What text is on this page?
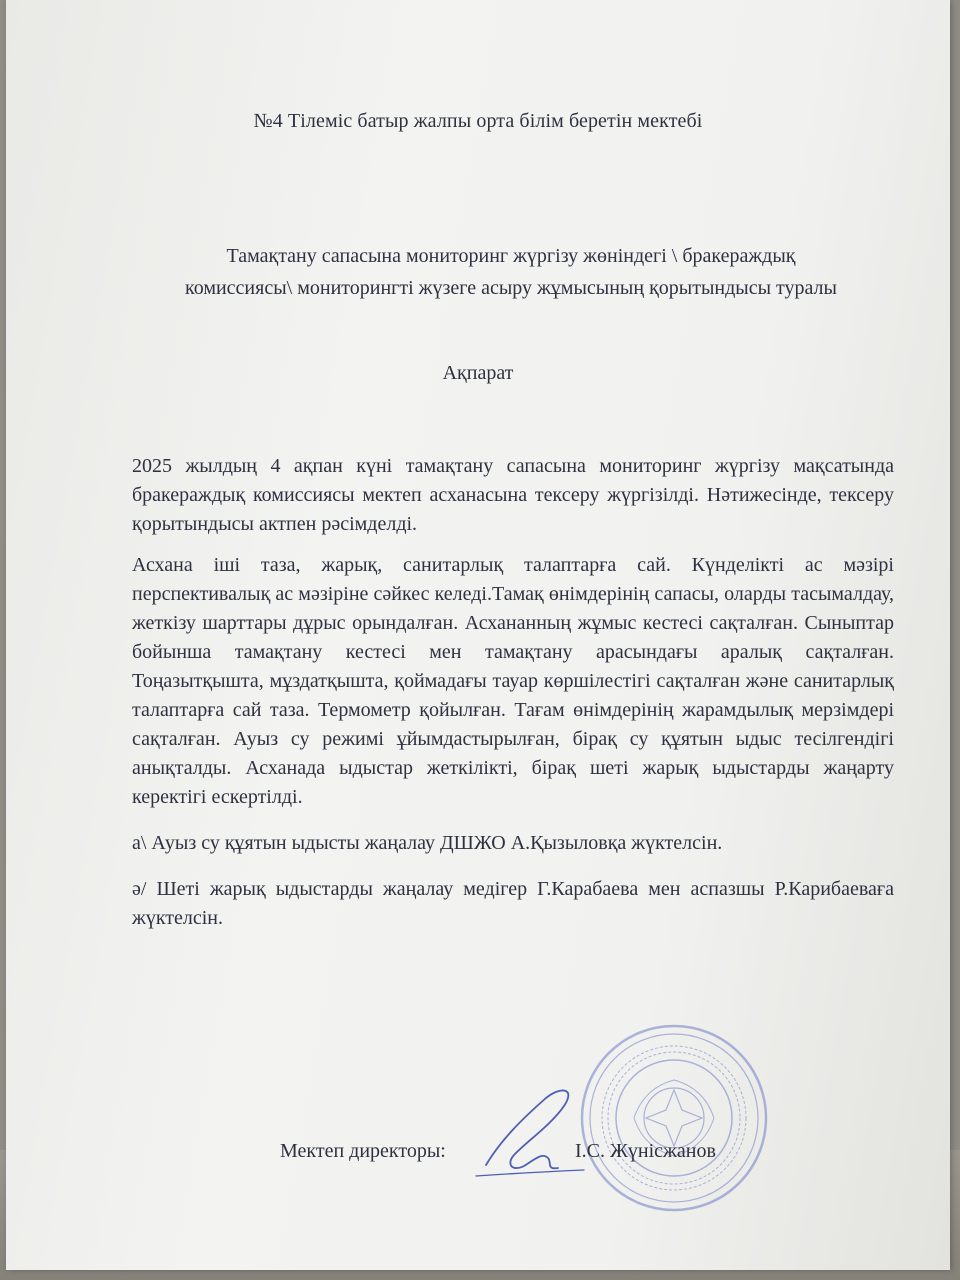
№4 Тілеміс батыр жалпы орта білім беретін мектебі
Тамақтану сапасына мониторинг жүргізу жөніндегі \ бракераждық
комиссиясы\ мониторингті жүзеге асыру жұмысының қорытындысы туралы
Ақпарат

2025 жылдың 4 ақпан күні тамақтану сапасына мониторинг жүргізу мақсатында бракераждық комиссиясы мектеп асханасына тексеру жүргізілді. Нәтижесінде, тексеру қорытындысы актпен рәсімделді.

Асхана іші таза, жарық, санитарлық талаптарға сай. Күнделікті ас мәзірі перспективалық ас мәзіріне сәйкес келеді.Тамақ өнімдерінің сапасы, оларды тасымалдау, жеткізу шарттары дұрыс орындалған. Асхананның жұмыс кестесі сақталған. Сыныптар бойынша тамақтану кестесі мен тамақтану арасындағы аралық сақталған. Тоңазытқышта, мұздатқышта, қоймадағы тауар көршілестігі сақталған және санитарлық талаптарға сай таза. Термометр қойылған. Тағам өнімдерінің жарамдылық мерзімдері сақталған. Ауыз су режимі ұйымдастырылған, бірақ су құятын ыдыс тесілгендігі анықталды. Асханада ыдыстар жеткілікті, бірақ шеті жарық ыдыстарды жаңарту керектігі ескертілді.

а\ Ауыз су құятын ыдысты жаңалау ДШЖО А.Қызыловқа жүктелсін.

ә/ Шеті жарық ыдыстарды жаңалау медігер Г.Карабаева мен аспазшы Р.Карибаеваға жүктелсін.

Мектеп директоры:	І.С. Жүнісжанов
